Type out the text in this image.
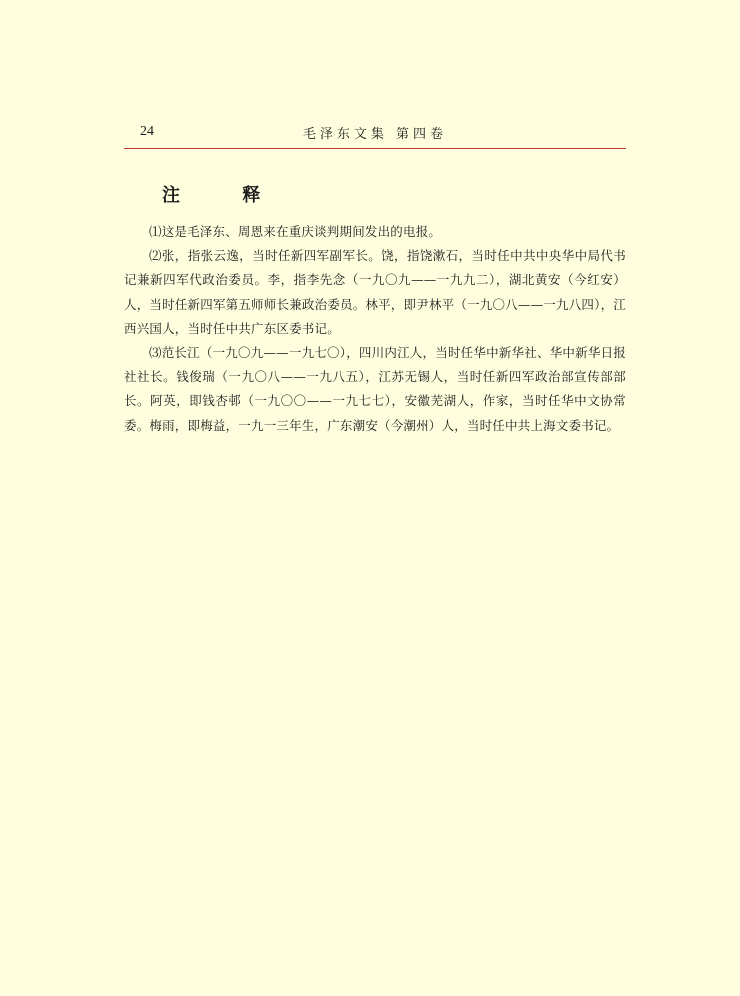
24	毛泽东文集 第四卷
注 释

⑴这是毛泽东、周恩来在重庆谈判期间发出的电报。

⑵张，指张云逸，当时任新四军副军长。饶，指饶漱石，当时任中共中央华中局代书记兼新四军代政治委员。李，指李先念（一九〇九——一九九二），湖北黄安（今红安）人，当时任新四军第五师师长兼政治委员。林平，即尹林平（一九〇八——一九八四），江西兴国人，当时任中共广东区委书记。

⑶范长江（一九〇九——一九七〇），四川内江人，当时任华中新华社、华中新华日报社社长。钱俊瑞（一九〇八——一九八五），江苏无锡人，当时任新四军政治部宣传部部长。阿英，即钱杏邨（一九〇〇——一九七七），安徽芜湖人，作家，当时任华中文协常委。梅雨，即梅益，一九一三年生，广东潮安（今潮州）人，当时任中共上海文委书记。
